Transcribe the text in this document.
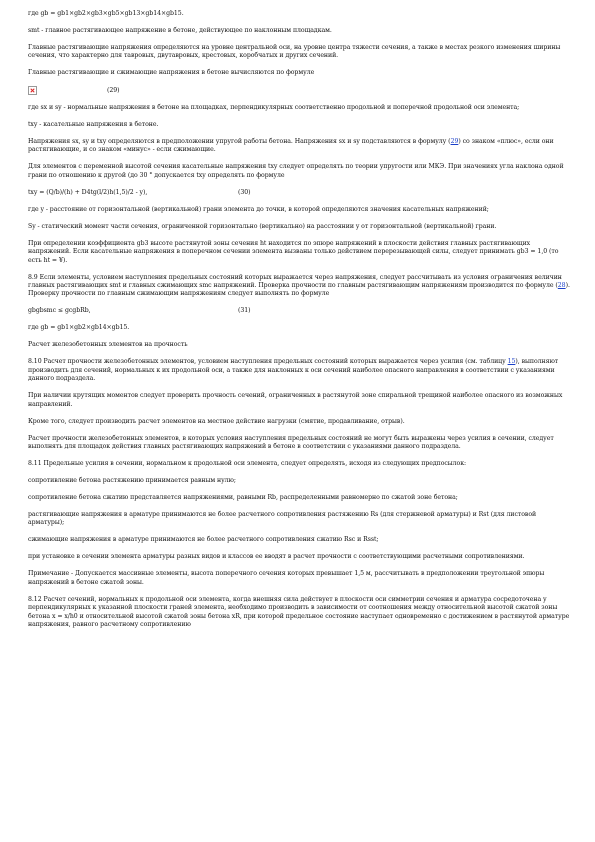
где gb = gb1×gb2×gb3×gb5×gb13×gb14×gb15.
smt - главное растягивающее напряжение в бетоне, действующее по наклонным площадкам.
Главные растягивающие напряжения определяются на уровне центральной оси, на уровне центра тяжести сечения, а также в местах резкого изменения ширины сечения, что характерно для тавровых, двутавровых, крестовых, коробчатых и других сечений.
Главные растягивающие и сжимающие напряжения в бетоне вычисляются по формуле
(29)
где sx и sy - нормальные напряжения в бетоне на площадках, перпендикулярных соответственно продольной и поперечной продольной оси элемента;
txy - касательные напряжения в бетоне.
Напряжения sx, sy и txy определяются в предположении упругой работы бетона. Напряжения sx и sy подставляются в формулу (29) со знаком «плюс», если они растягивающие, и со знаком «минус» - если сжимающие.
Для элементов с переменной высотой сечения касательные напряжения txy следует определять по теории упругости или МКЭ. При значениях угла наклона одной грани по отношению к другой (до 30 ° допускается txy определять по формуле
txy = (Q/b)/(h) + D4tg(l/2)h(1,5)/2 - y),	(30)
где y - расстояние от горизонтальной (вертикальной) грани элемента до точки, в которой определяются значения касательных напряжений;
Sy - статический момент части сечения, ограниченной горизонтально (вертикально) на расстоянии y от горизонтальной (вертикальной) грани.
При определении коэффициента gb3 высоте растянутой зоны сечения ht находится по эпюре напряжений в плоскости действия главных растягивающих напряжений. Если касательные напряжения в поперечном сечении элемента вызваны только действием перерезывающей силы, следует принимать gb3 = 1,0 (то есть ht = ¥).
8.9 Если элементы, условием наступления предельных состояний которых выражается через напряжения, следует рассчитывать из условия ограничения величин главных растягивающих smt и главных сжимающих smc напряжений. Проверка прочности по главным растягивающим напряжениям производится по формуле (28). Проверку прочности по главным сжимающим напряжениям следует выполнять по формуле
gbgbsmc ≤ gcgbRb,	(31)
где gb = gb1×gb2×gb14×gb15.
Расчет железобетонных элементов на прочность
8.10 Расчет прочности железобетонных элементов, условием наступления предельных состояний которых выражается через усилия (см. таблицу 15), выполняют производить для сечений, нормальных к их продольной оси, а также для наклонных к оси сечений наиболее опасного направления в соответствии с указаниями данного подраздела.
При наличии крутящих моментов следует проверить прочность сечений, ограниченных в растянутой зоне спиральной трещиной наиболее опасного из возможных направлений.
Кроме того, следует производить расчет элементов на местное действие нагрузки (смятие, продавливание, отрыв).
Расчет прочности железобетонных элементов, в которых условия наступления предельных состояний не могут быть выражены через усилия в сечении, следует выполнять для площадок действия главных растягивающих напряжений в бетоне в соответствии с указаниями данного подраздела.
8.11 Предельные усилия в сечении, нормальном к продольной оси элемента, следует определять, исходя из следующих предпосылок:
сопротивление бетона растяжению принимается равным нулю;
сопротивление бетона сжатию представляется напряжениями, равными Rb, распределенными равномерно по сжатой зоне бетона;
растягивающие напряжения в арматуре принимаются не более расчетного сопротивления растяжению Rs (для стержневой арматуры) и Rst (для листовой арматуры);
сжимающие напряжения в арматуре принимаются не более расчетного сопротивления сжатию Rsc и Rsst;
при установке в сечении элемента арматуры разных видов и классов ее вводят в расчет прочности с соответствующими расчетными сопротивлениями.
Примечание - Допускается массивные элементы, высота поперечного сечения которых превышает 1,5 м, рассчитывать в предположении треугольной эпюры напряжений в бетоне сжатой зоны.
8.12 Расчет сечений, нормальных к продольной оси элемента, когда внешняя сила действует в плоскости оси симметрии сечения и арматура сосредоточена у перпендикулярных к указанной плоскости граней элемента, необходимо производить в зависимости от соотношения между относительной высотой сжатой зоны бетона x = x/h0 и относительной высотой сжатой зоны бетона xR, при которой предельное состояние наступает одновременно с достижением в растянутой арматуре напряжения, равного расчетному сопротивлению
